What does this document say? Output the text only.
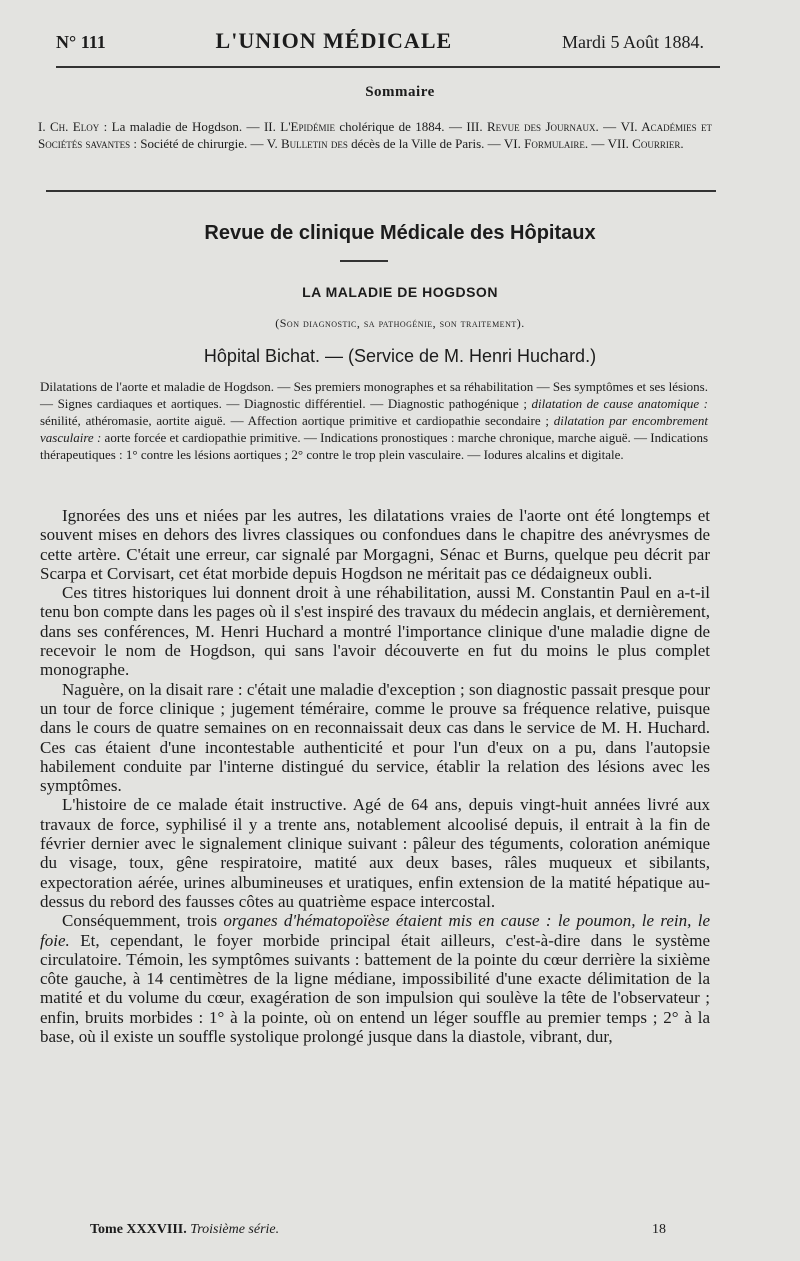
N° 111	L'UNION MÉDICALE	Mardi 5 Août 1884.
Sommaire
I. Ch. Eloy : La maladie de Hogdson. — II. L'Epidémie cholérique de 1884. — III. Revue des Journaux. — VI. Académies et Sociétés savantes : Société de chirurgie. — V. Bulletin des décès de la Ville de Paris. — VI. Formulaire. — VII. Courrier.
Revue de clinique Médicale des Hôpitaux
LA MALADIE DE HOGDSON
(Son diagnostic, sa pathogénie, son traitement).
Hôpital Bichat. — (Service de M. Henri Huchard.)
Dilatations de l'aorte et maladie de Hogdson. — Ses premiers monographes et sa réhabilitation — Ses symptômes et ses lésions. — Signes cardiaques et aortiques. — Diagnostic différentiel. — Diagnostic pathogénique ; dilatation de cause anatomique : sénilité, athéromasie, aortite aiguë. — Affection aortique primitive et cardiopathie secondaire ; dilatation par encombrement vasculaire : aorte forcée et cardiopathie primitive. — Indications pronostiques : marche chronique, marche aiguë. — Indications thérapeutiques : 1° contre les lésions aortiques ; 2° contre le trop plein vasculaire. — Iodures alcalins et digitale.

Ignorées des uns et niées par les autres, les dilatations vraies de l'aorte ont été longtemps et souvent mises en dehors des livres classiques ou confondues dans le chapitre des anévrysmes de cette artère. C'était une erreur, car signalé par Morgagni, Sénac et Burns, quelque peu décrit par Scarpa et Corvisart, cet état morbide depuis Hogdson ne méritait pas ce dédaigneux oubli.

Ces titres historiques lui donnent droit à une réhabilitation, aussi M. Constantin Paul en a-t-il tenu bon compte dans les pages où il s'est inspiré des travaux du médecin anglais, et dernièrement, dans ses conférences, M. Henri Huchard a montré l'importance clinique d'une maladie digne de recevoir le nom de Hogdson, qui sans l'avoir découverte en fut du moins le plus complet monographe.

Naguère, on la disait rare : c'était une maladie d'exception ; son diagnostic passait presque pour un tour de force clinique ; jugement téméraire, comme le prouve sa fréquence relative, puisque dans le cours de quatre semaines on en reconnaissait deux cas dans le service de M. H. Huchard. Ces cas étaient d'une incontestable authenticité et pour l'un d'eux on a pu, dans l'autopsie habilement conduite par l'interne distingué du service, établir la relation des lésions avec les symptômes.

L'histoire de ce malade était instructive. Agé de 64 ans, depuis vingt-huit années livré aux travaux de force, syphilisé il y a trente ans, notablement alcoolisé depuis, il entrait à la fin de février dernier avec le signalement clinique suivant : pâleur des téguments, coloration anémique du visage, toux, gêne respiratoire, matité aux deux bases, râles muqueux et sibilants, expectoration aérée, urines albumineuses et uratiques, enfin extension de la matité hépatique au-dessus du rebord des fausses côtes au quatrième espace intercostal.

Conséquemment, trois organes d'hématopoïèse étaient mis en cause : le poumon, le rein, le foie. Et, cependant, le foyer morbide principal était ailleurs, c'est-à-dire dans le système circulatoire. Témoin, les symptômes suivants : battement de la pointe du cœur derrière la sixième côte gauche, à 14 centimètres de la ligne médiane, impossibilité d'une exacte délimitation de la matité et du volume du cœur, exagération de son impulsion qui soulève la tête de l'observateur ; enfin, bruits morbides : 1° à la pointe, où on entend un léger souffle au premier temps ; 2° à la base, où il existe un souffle systolique prolongé jusque dans la diastole, vibrant, dur,

Tome XXXVIII. Troisième série.	18
